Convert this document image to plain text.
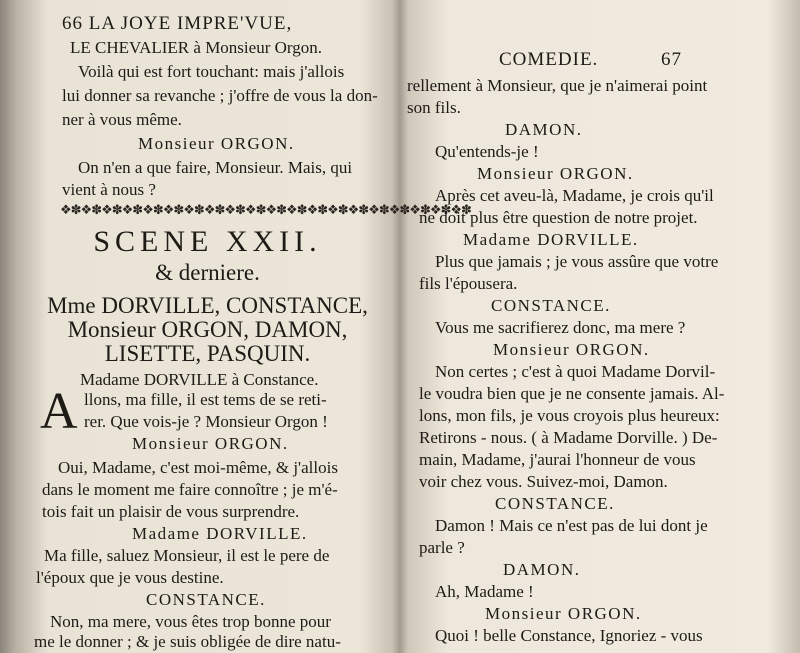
66 LA JOYE IMPRE'VUE,
LE CHEVALIER à Monsieur Orgon.
Voilà qui est fort touchant: mais j'allois
lui donner sa revanche ; j'offre de vous la don-
ner à vous même.
Monsieur ORGON.
On n'en a que faire, Monsieur. Mais, qui
vient à nous ?
❖✽❖✽❖✽❖✽❖✽❖✽❖✽❖✽❖✽❖✽❖✽❖✽❖✽❖✽❖✽❖✽❖✽❖✽❖✽❖✽
SCENE XXII.
& derniere.
Mme DORVILLE, CONSTANCE,
Monsieur ORGON, DAMON,
LISETTE, PASQUIN.
Madame DORVILLE à Constance.
A llons, ma fille, il est tems de se reti-
rer. Que vois-je ? Monsieur Orgon !
Monsieur ORGON.
Oui, Madame, c'est moi-même, & j'allois
dans le moment me faire connoître ; je m'é-
tois fait un plaisir de vous surprendre.
Madame DORVILLE.
Ma fille, saluez Monsieur, il est le pere de
l'époux que je vous destine.
CONSTANCE.
Non, ma mere, vous êtes trop bonne pour
me le donner ; & je suis obligée de dire natu-
COMEDIE.	67
rellement à Monsieur, que je n'aimerai point
son fils.
DAMON.
Qu'entends-je !
Monsieur ORGON.
Après cet aveu-là, Madame, je crois qu'il
ne doit plus être question de notre projet.
Madame DORVILLE.
Plus que jamais ; je vous assûre que votre
fils l'épousera.
CONSTANCE.
Vous me sacrifierez donc, ma mere ?
Monsieur ORGON.
Non certes ; c'est à quoi Madame Dorvil-
le voudra bien que je ne consente jamais. Al-
lons, mon fils, je vous croyois plus heureux:
Retirons - nous. ( à Madame Dorville. ) De-
main, Madame, j'aurai l'honneur de vous
voir chez vous. Suivez-moi, Damon.
CONSTANCE.
Damon ! Mais ce n'est pas de lui dont je
parle ?
DAMON.
Ah, Madame !
Monsieur ORGON.
Quoi ! belle Constance, Ignoriez - vous
